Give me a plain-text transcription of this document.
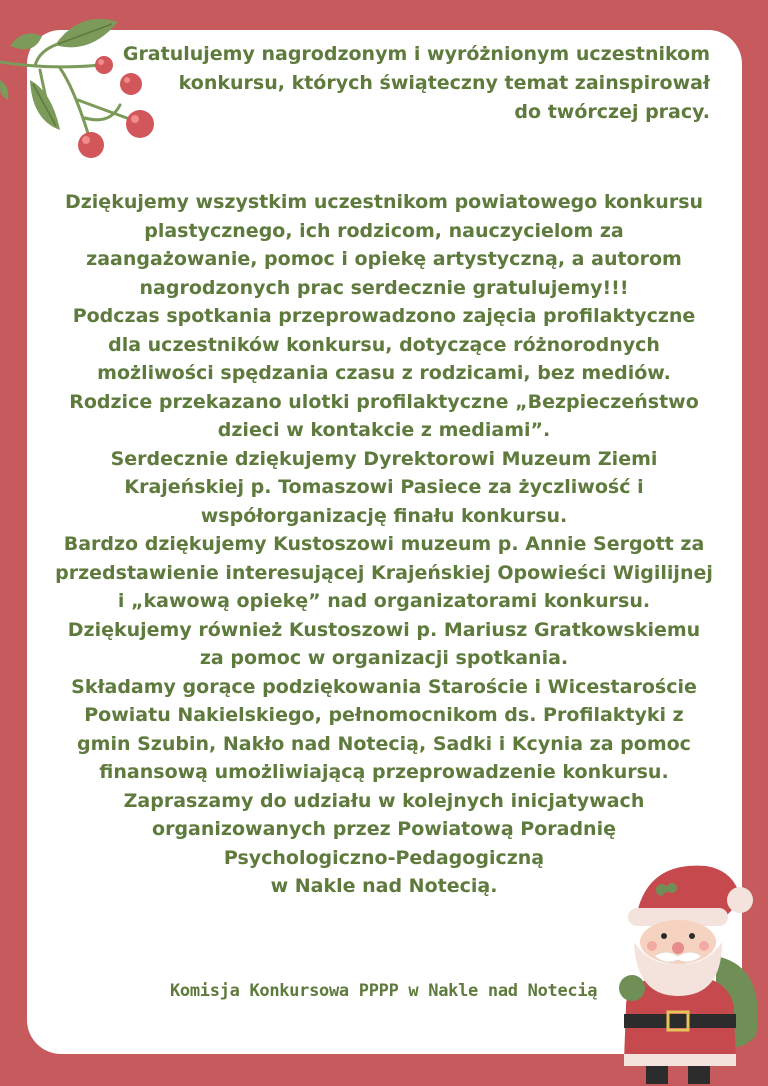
Gratulujemy nagrodzonym i wyróżnionym uczestnikom
konkursu, których świąteczny temat zainspirował
do twórczej pracy.

Dziękujemy wszystkim uczestnikom powiatowego konkursu
plastycznego, ich rodzicom, nauczycielom za
zaangażowanie, pomoc i opiekę artystyczną, a autorom
nagrodzonych prac serdecznie gratulujemy!!!
Podczas spotkania przeprowadzono zajęcia profilaktyczne
dla uczestników konkursu, dotyczące różnorodnych
możliwości spędzania czasu z rodzicami, bez mediów.
Rodzice przekazano ulotki profilaktyczne „Bezpieczeństwo
dzieci w kontakcie z mediami”.
Serdecznie dziękujemy Dyrektorowi Muzeum Ziemi
Krajeńskiej p. Tomaszowi Pasiece za życzliwość i
współorganizację finału konkursu.
Bardzo dziękujemy Kustoszowi muzeum p. Annie Sergott za
przedstawienie interesującej Krajeńskiej Opowieści Wigilijnej
i „kawową opiekę” nad organizatorami konkursu.
Dziękujemy również Kustoszowi p. Mariusz Gratkowskiemu
za pomoc w organizacji spotkania.
Składamy gorące podziękowania Staroście i Wicestaroście
Powiatu Nakielskiego, pełnomocnikom ds. Profilaktyki z
gmin Szubin, Nakło nad Notecią, Sadki i Kcynia za pomoc
finansową umożliwiającą przeprowadzenie konkursu.
Zapraszamy do udziału w kolejnych inicjatywach
organizowanych przez Powiatową Poradnię
Psychologiczno-Pedagogiczną
w Nakle nad Notecią.

Komisja Konkursowa PPPP w Nakle nad Notecią
